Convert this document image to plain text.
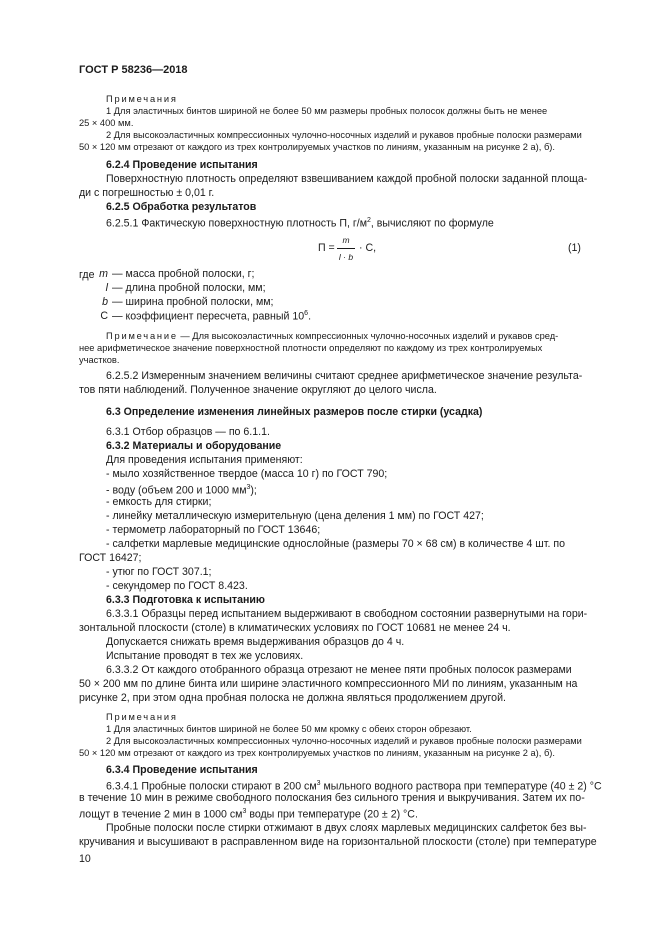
ГОСТ Р 58236—2018
Примечания
1 Для эластичных бинтов шириной не более 50 мм размеры пробных полосок должны быть не менее
25 × 400 мм.
2 Для высокоэластичных компрессионных чулочно-носочных изделий и рукавов пробные полоски размерами
50 × 120 мм отрезают от каждого из трех контролируемых участков по линиям, указанным на рисунке 2 а), б).
6.2.4 Проведение испытания
Поверхностную плотность определяют взвешиванием каждой пробной полоски заданной площа-
ди с погрешностью ± 0,01 г.
6.2.5 Обработка результатов
6.2.5.1 Фактическую поверхностную плотность П, $г/м^2$, вычисляют по формуле
П =
m
l · b
· C,	(1)
где m — масса пробной полоски, г;
l — длина пробной полоски, мм;
b — ширина пробной полоски, мм;
C — коэффициент пересчета, равный $10^6$.
Примечание — Для высокоэластичных компрессионных чулочно-носочных изделий и рукавов сред-
нее арифметическое значение поверхностной плотности определяют по каждому из трех контролируемых
участков.
6.2.5.2 Измеренным значением величины считают среднее арифметическое значение результа-
тов пяти наблюдений. Полученное значение округляют до целого числа.
6.3 Определение изменения линейных размеров после стирки (усадка)
6.3.1 Отбор образцов — по 6.1.1.
6.3.2 Материалы и оборудование
Для проведения испытания применяют:
- мыло хозяйственное твердое (масса 10 г) по ГОСТ 790;
- воду (объем 200 и 1000 $мм^3$);
- емкость для стирки;
- линейку металлическую измерительную (цена деления 1 мм) по ГОСТ 427;
- термометр лабораторный по ГОСТ 13646;
- салфетки марлевые медицинские однослойные (размеры 70 × 68 см) в количестве 4 шт. по
ГОСТ 16427;
- утюг по ГОСТ 307.1;
- секундомер по ГОСТ 8.423.
6.3.3 Подготовка к испытанию
6.3.3.1 Образцы перед испытанием выдерживают в свободном состоянии развернутыми на гори-
зонтальной плоскости (столе) в климатических условиях по ГОСТ 10681 не менее 24 ч.
Допускается снижать время выдерживания образцов до 4 ч.
Испытание проводят в тех же условиях.
6.3.3.2 От каждого отобранного образца отрезают не менее пяти пробных полосок размерами
50 × 200 мм по длине бинта или ширине эластичного компрессионного МИ по линиям, указанным на
рисунке 2, при этом одна пробная полоска не должна являться продолжением другой.
Примечания
1 Для эластичных бинтов шириной не более 50 мм кромку с обеих сторон обрезают.
2 Для высокоэластичных компрессионных чулочно-носочных изделий и рукавов пробные полоски размерами
50 × 120 мм отрезают от каждого из трех контролируемых участков по линиям, указанным на рисунке 2 а), б).
6.3.4 Проведение испытания
6.3.4.1 Пробные полоски стирают в 200 $см^3$ мыльного водного раствора при температуре (40 ± 2) °С
в течение 10 мин в режиме свободного полоскания без сильного трения и выкручивания. Затем их по-
лощут в течение 2 мин в 1000 $см^3$ воды при температуре (20 ± 2) °С.
Пробные полоски после стирки отжимают в двух слоях марлевых медицинских салфеток без вы-
кручивания и высушивают в расправленном виде на горизонтальной плоскости (столе) при температуре
10
